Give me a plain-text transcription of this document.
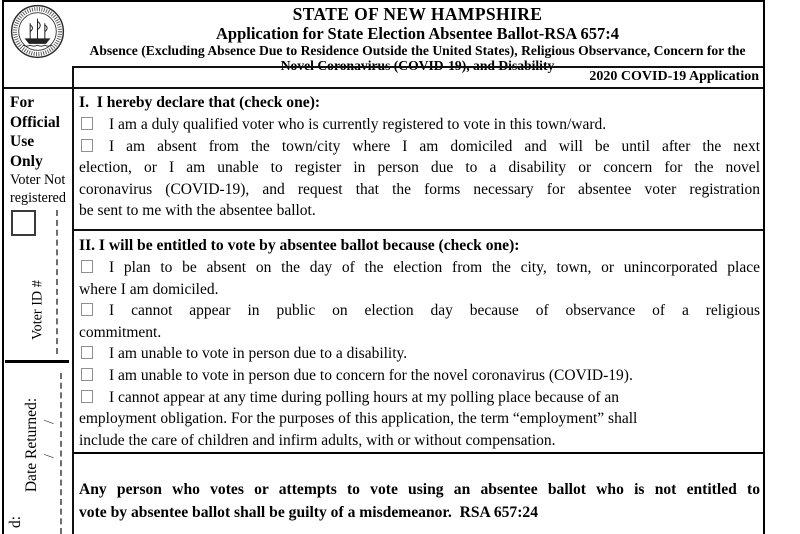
STATE OF NEW HAMPSHIRE
Application for State Election Absentee Ballot-RSA 657:4
Absence (Excluding Absence Due to Residence Outside the United States), Religious Observance, Concern for the
2020 COVID-19 Application
For Official Use Only
Voter Not registered
Voter ID #
Date Returned: /        /
d:
I.  I hereby declare that (check one):
I am a duly qualified voter who is currently registered to vote in this town/ward.
I am absent from the town/city where I am domiciled and will be until after the next
election, or I am unable to register in person due to a disability or concern for the novel
coronavirus (COVID-19), and request that the forms necessary for absentee voter registration
be sent to me with the absentee ballot.
II. I will be entitled to vote by absentee ballot because (check one):
I plan to be absent on the day of the election from the city, town, or unincorporated place
where I am domiciled.
I cannot appear in public on election day because of observance of a religious
commitment.
I am unable to vote in person due to a disability.
I am unable to vote in person due to concern for the novel coronavirus (COVID-19).
I cannot appear at any time during polling hours at my polling place because of an
employment obligation. For the purposes of this application, the term “employment” shall
include the care of children and infirm adults, with or without compensation.
Any person who votes or attempts to vote using an absentee ballot who is not entitled to
vote by absentee ballot shall be guilty of a misdemeanor.  RSA 657:24
